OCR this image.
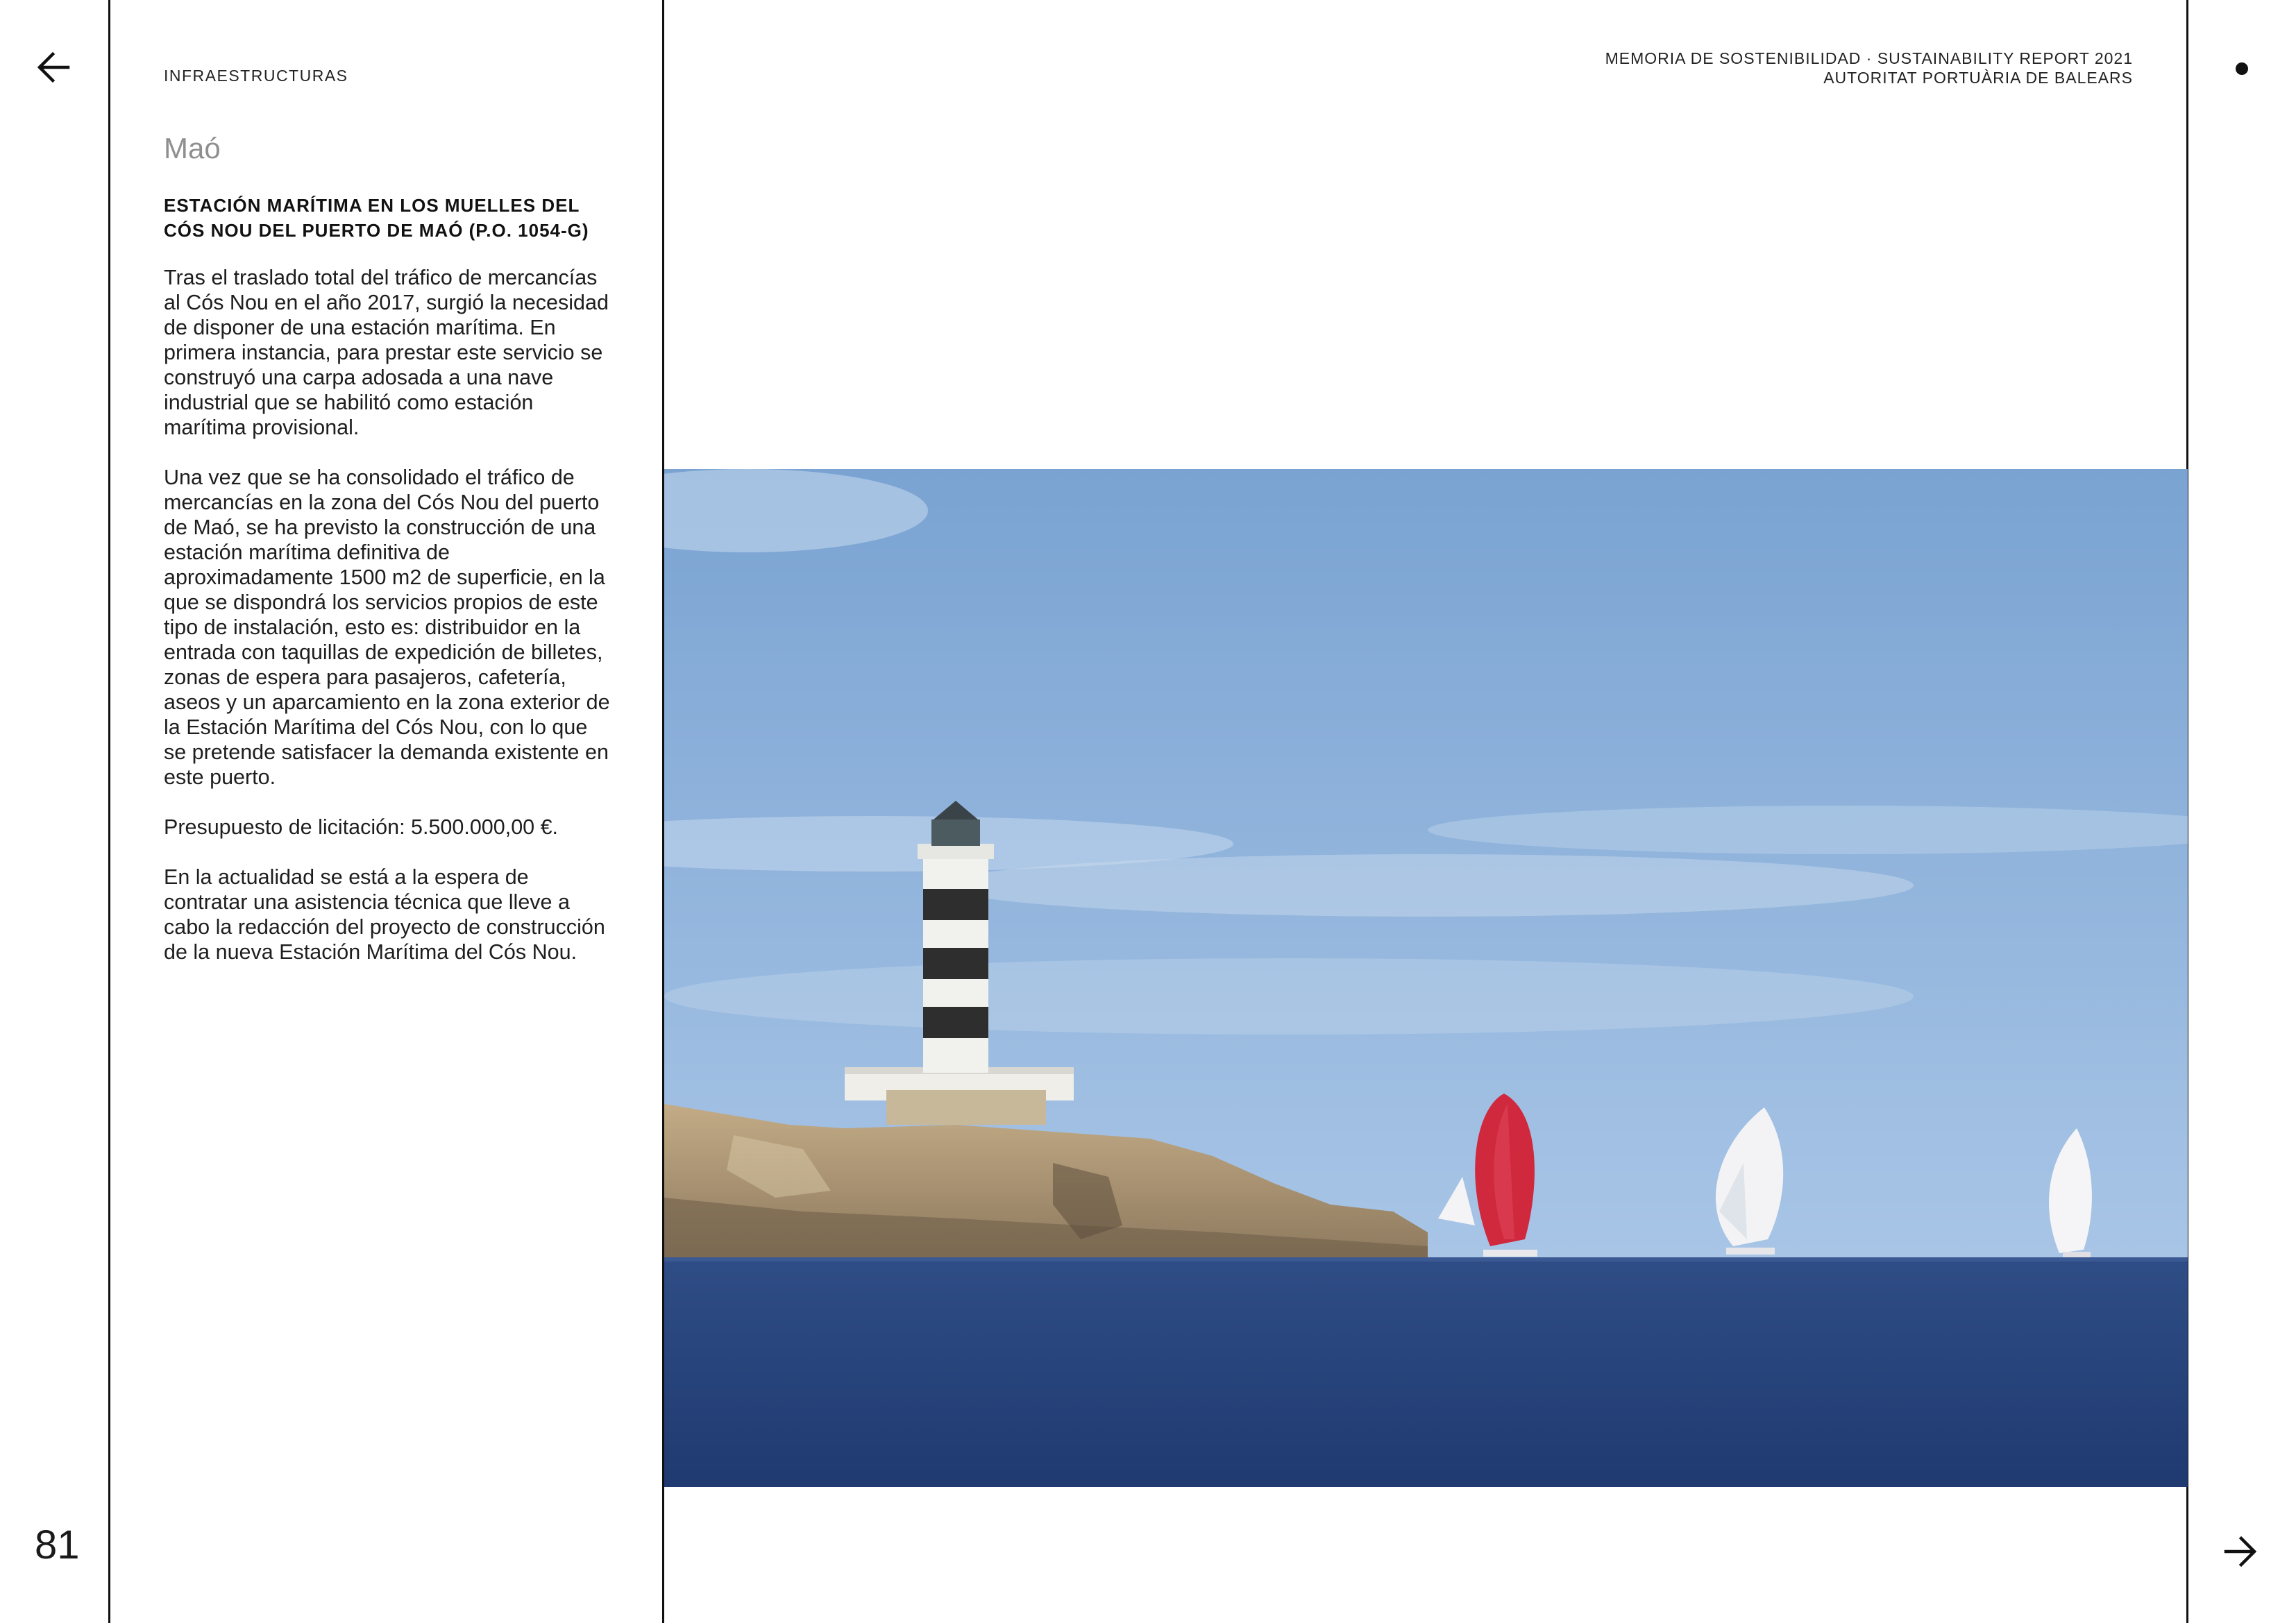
81
INFRAESTRUCTURAS
MEMORIA DE SOSTENIBILIDAD · SUSTAINABILITY REPORT 2021
AUTORITAT PORTUÀRIA DE BALEARS
Maó
ESTACIÓN MARÍTIMA EN LOS MUELLES DEL CÓS NOU DEL PUERTO DE MAÓ (P.O. 1054-G)

Tras el traslado total del tráfico de mercancías al Cós Nou en el año 2017, surgió la necesidad de disponer de una estación marítima. En primera instancia, para prestar este servicio se construyó una carpa adosada a una nave industrial que se habilitó como estación marítima provisional.

Una vez que se ha consolidado el tráfico de mercancías en la zona del Cós Nou del puerto de Maó, se ha previsto la construcción de una estación marítima definitiva de aproximadamente 1500 m2 de superficie, en la que se dispondrá los servicios propios de este tipo de instalación, esto es: distribuidor en la entrada con taquillas de expedición de billetes, zonas de espera para pasajeros, cafetería, aseos y un aparcamiento en la zona exterior de la Estación Marítima del Cós Nou, con lo que se pretende satisfacer la demanda existente en este puerto.

Presupuesto de licitación: 5.500.000,00 €.

En la actualidad se está a la espera de contratar una asistencia técnica que lleve a cabo la redacción del proyecto de construcción de la nueva Estación Marítima del Cós Nou.
